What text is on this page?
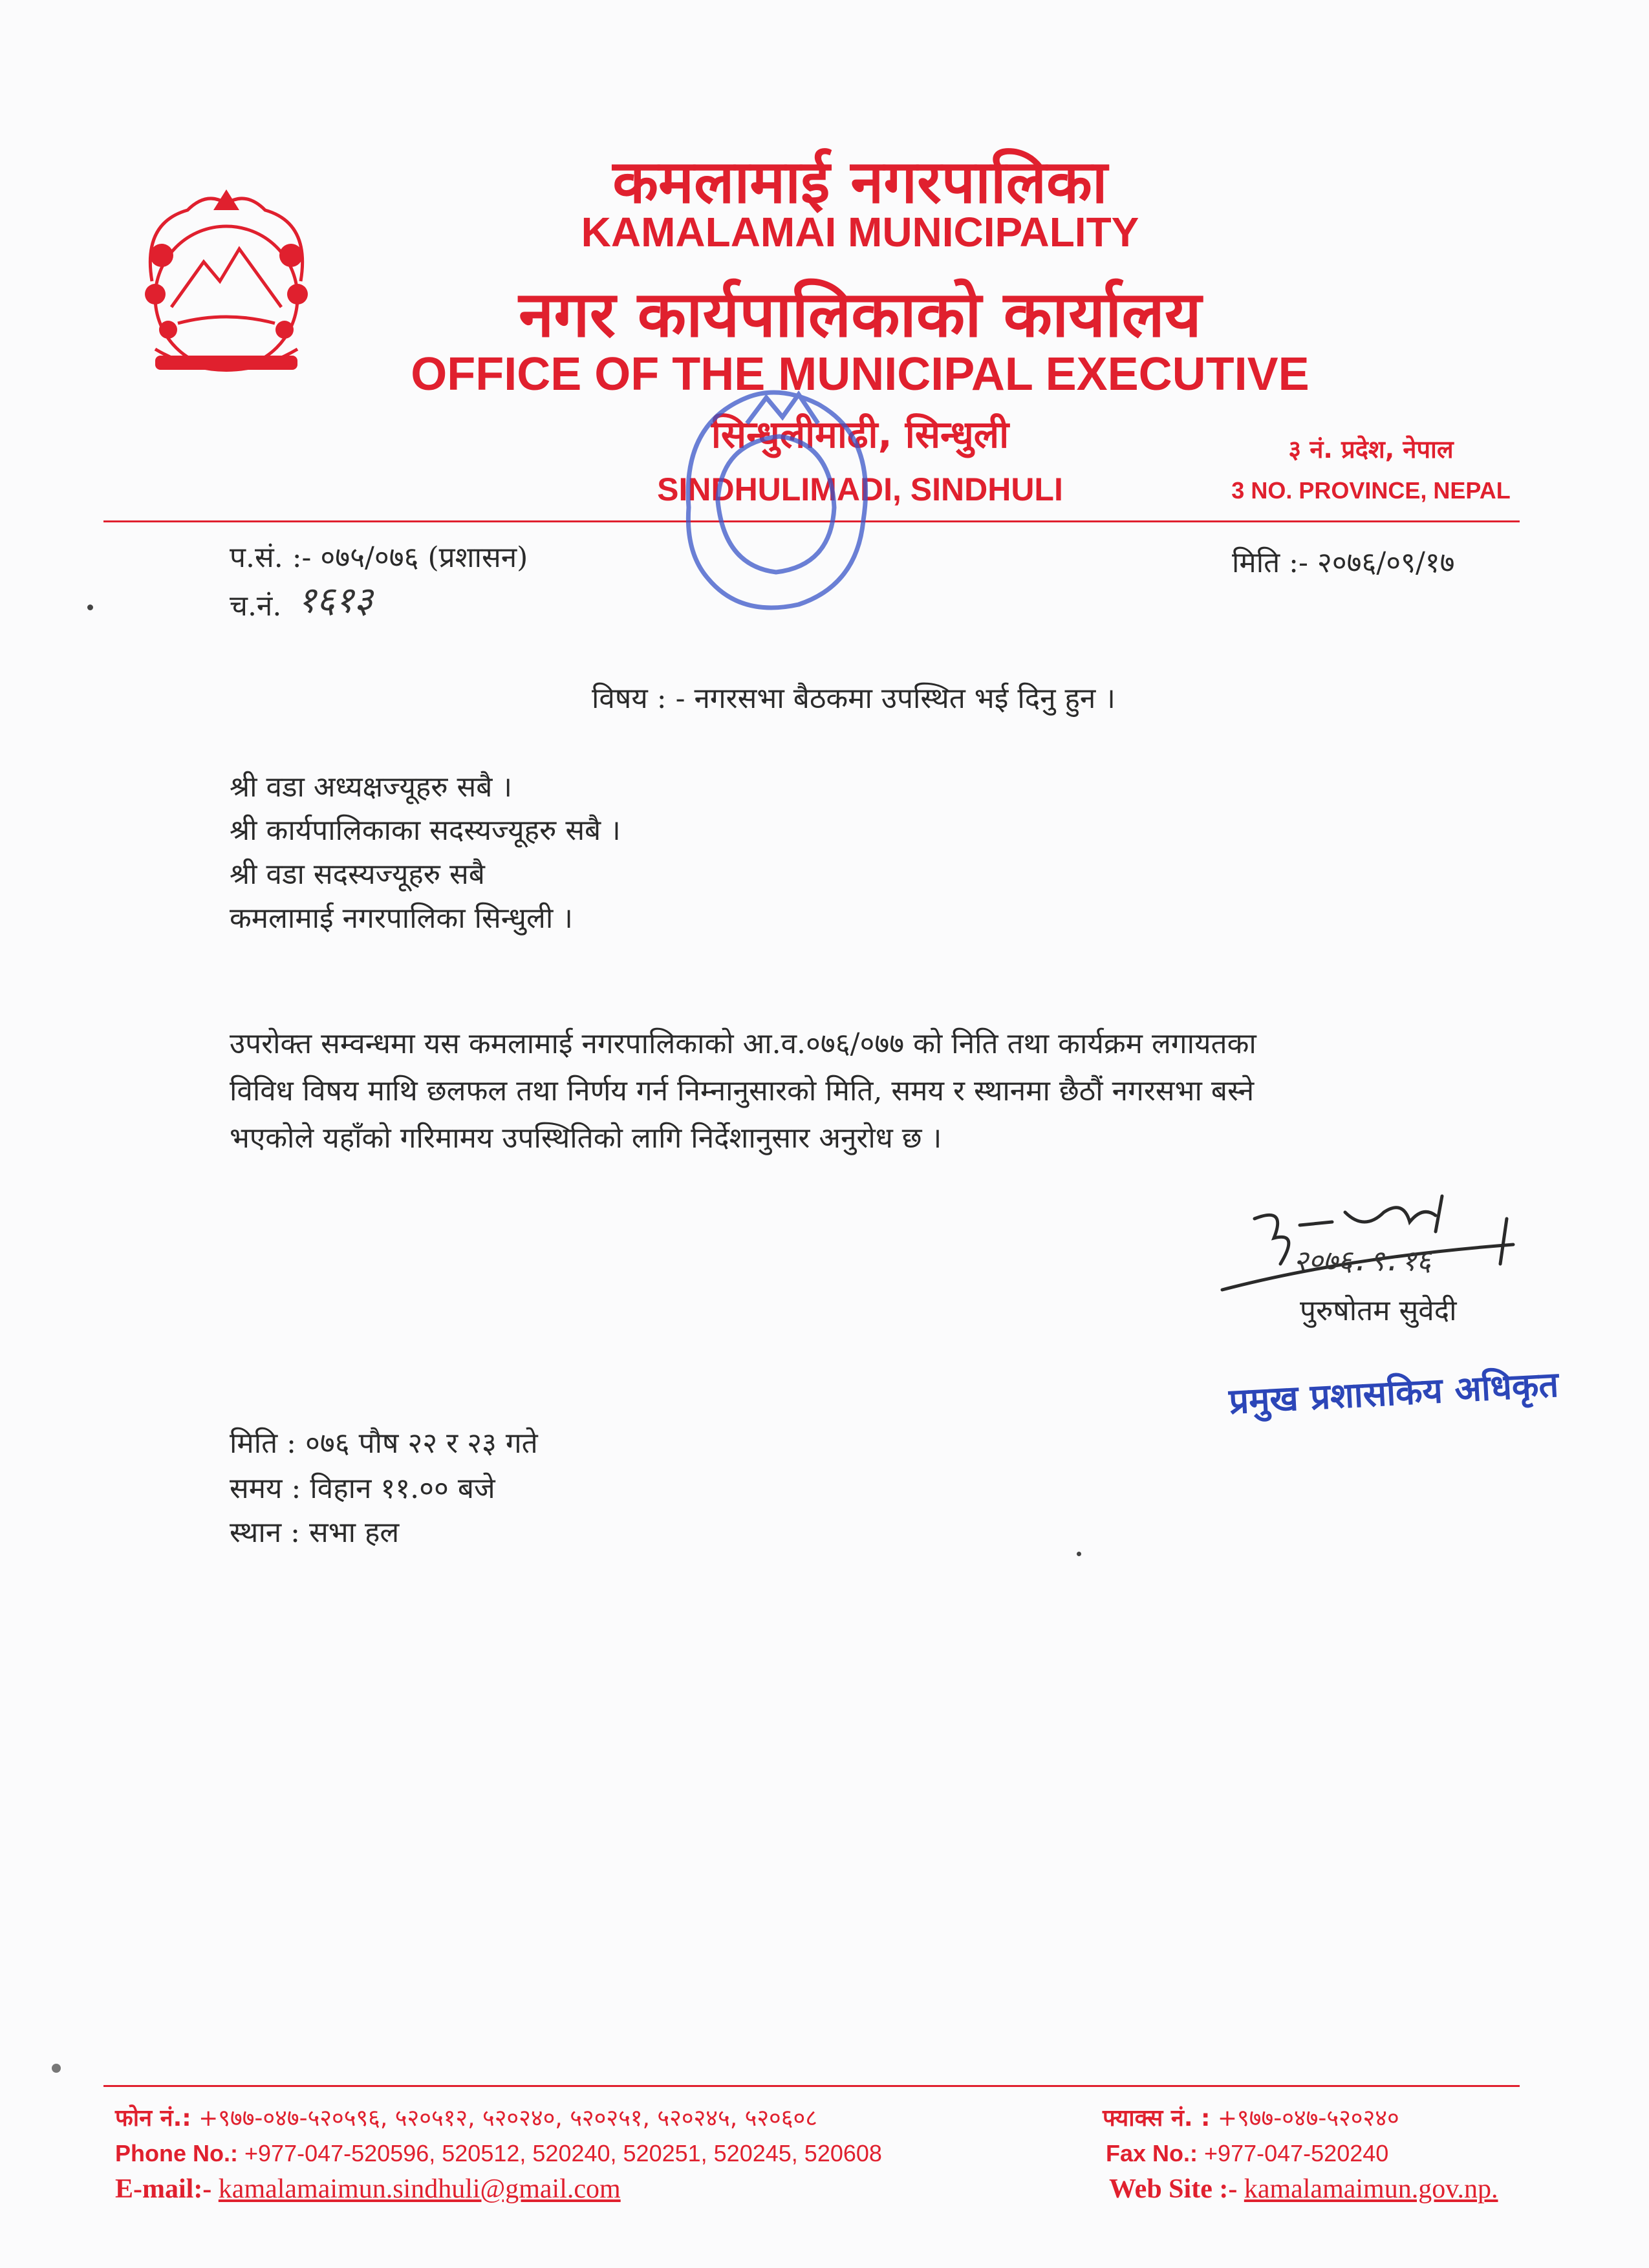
कमलामाई नगरपालिका
KAMALAMAI MUNICIPALITY
नगर कार्यपालिकाको कार्यालय
OFFICE OF THE MUNICIPAL EXECUTIVE
सिन्धुलीमाढी, सिन्धुली
SINDHULIMADI, SINDHULI
३ नं. प्रदेश, नेपाल
3 NO. PROVINCE, NEPAL
प.सं. :- ०७५/०७६ (प्रशासन)
च.नं. १६१३
मिति :- २०७६/०९/१७
विषय : - नगरसभा बैठकमा उपस्थित भई दिनु हुन ।
श्री वडा अध्यक्षज्यूहरु सबै ।
श्री कार्यपालिकाका सदस्यज्यूहरु सबै ।
श्री वडा सदस्यज्यूहरु सबै
कमलामाई नगरपालिका सिन्धुली ।
उपरोक्त सम्वन्धमा यस कमलामाई नगरपालिकाको आ.व.०७६/०७७ को निति तथा कार्यक्रम लगायतका
विविध विषय माथि छलफल तथा निर्णय गर्न निम्नानुसारको मिति, समय र स्थानमा छैठौं नगरसभा बस्ने
भएकोले यहाँको गरिमामय उपस्थितिको लागि निर्देशानुसार अनुरोध छ ।
२०७६.९.१६
पुरुषोतम सुवेदी
प्रमुख प्रशासकिय अधिकृत
मिति : ०७६ पौष २२ र २३ गते
समय : विहान ११.०० बजे
स्थान : सभा हल
फोन नं.: +९७७-०४७-५२०५९६, ५२०५१२, ५२०२४०, ५२०२५१, ५२०२४५, ५२०६०८	फ्याक्स नं. : +९७७-०४७-५२०२४०
Phone No.: +977-047-520596, 520512, 520240, 520251, 520245, 520608	Fax No.: +977-047-520240
E-mail:- kamalamaimun.sindhuli@gmail.com	Web Site :- kamalamaimun.gov.np.
